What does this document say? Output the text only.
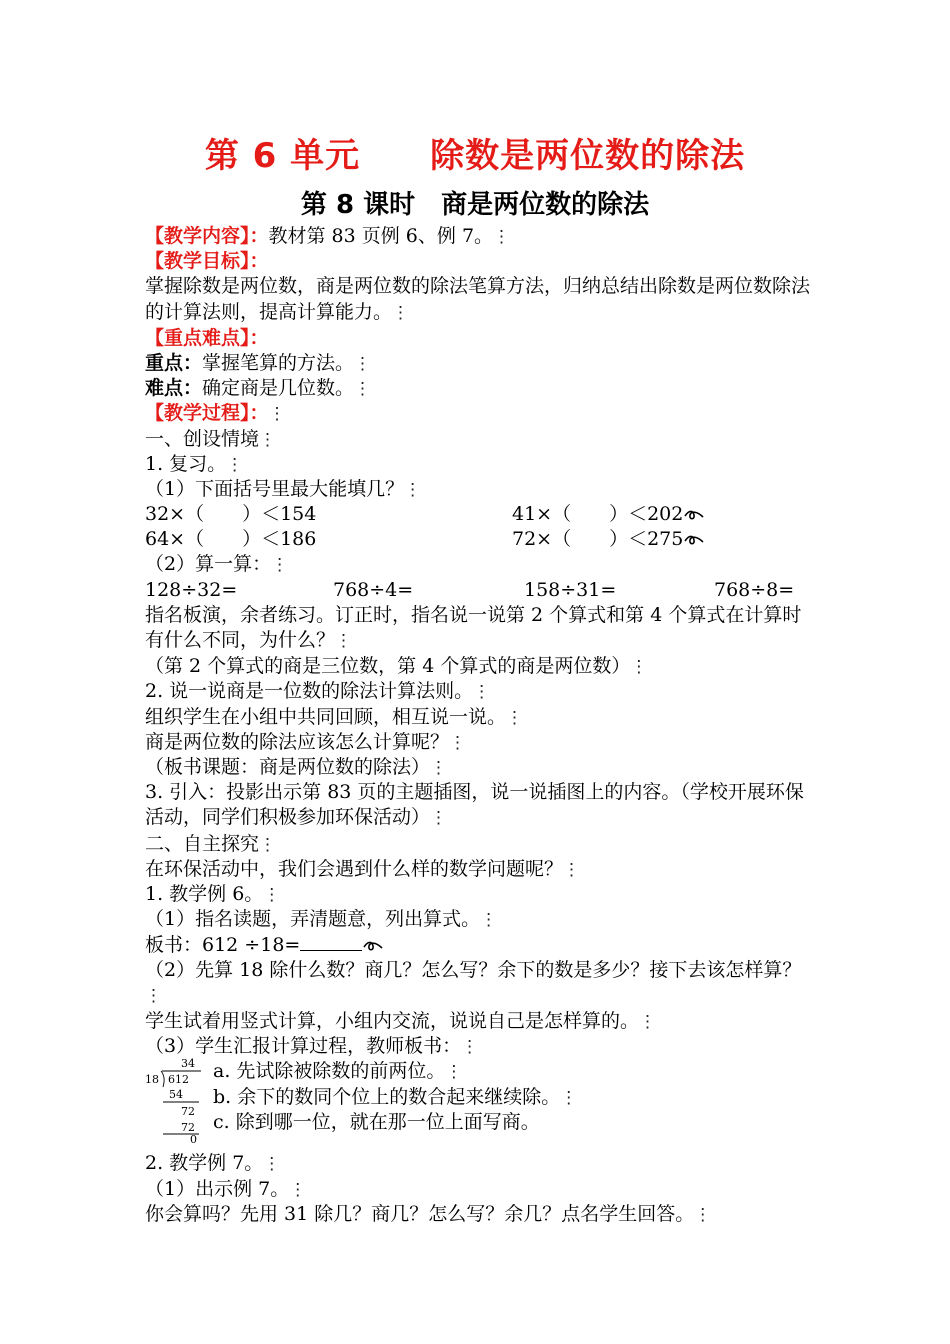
第 6 单元 除数是两位数的除法
第 8 课时 商是两位数的除法
【教学内容】：教材第 83 页例 6、例 7。⋮
【教学目标】：
掌握除数是两位数，商是两位数的除法笔算方法，归纳总结出除数是两位数除法的计算法则，提高计算能力。⋮
【重点难点】：
重点：掌握笔算的方法。⋮
难点：确定商是几位数。⋮
【教学过程】：⋮
一、创设情境⋮
1. 复习。⋮
（1）下面括号里最大能填几？⋮
32×（　　）＜154	41×（　　）＜202
64×（　　）＜186	72×（　　）＜275
（2）算一算：⋮
128÷32=	768÷4=	158÷31=	768÷8=
指名板演，余者练习。订正时，指名说一说第 2 个算式和第 4 个算式在计算时有什么不同，为什么？⋮
（第 2 个算式的商是三位数，第 4 个算式的商是两位数）⋮
2. 说一说商是一位数的除法计算法则。⋮
组织学生在小组中共同回顾，相互说一说。⋮
商是两位数的除法应该怎么计算呢？⋮
（板书课题：商是两位数的除法）⋮
3. 引入：投影出示第 83 页的主题插图，说一说插图上的内容。（学校开展环保活动，同学们积极参加环保活动）⋮
二、自主探究⋮
在环保活动中，我们会遇到什么样的数学问题呢？⋮
1. 教学例 6。⋮
（1）指名读题，弄清题意，列出算式。⋮
板书：612 ÷18=
（2）先算 18 除什么数？商几？怎么写？余下的数是多少？接下去该怎样算？⋮
学生试着用竖式计算，小组内交流，说说自己是怎样算的。⋮
（3）学生汇报计算过程，教师板书：⋮
34
18 612
54
72
72
0
a. 先试除被除数的前两位。⋮
b. 余下的数同个位上的数合起来继续除。⋮
c. 除到哪一位，就在那一位上面写商。
2. 教学例 7。⋮
（1）出示例 7。⋮
你会算吗？先用 31 除几？商几？怎么写？余几？点名学生回答。⋮
